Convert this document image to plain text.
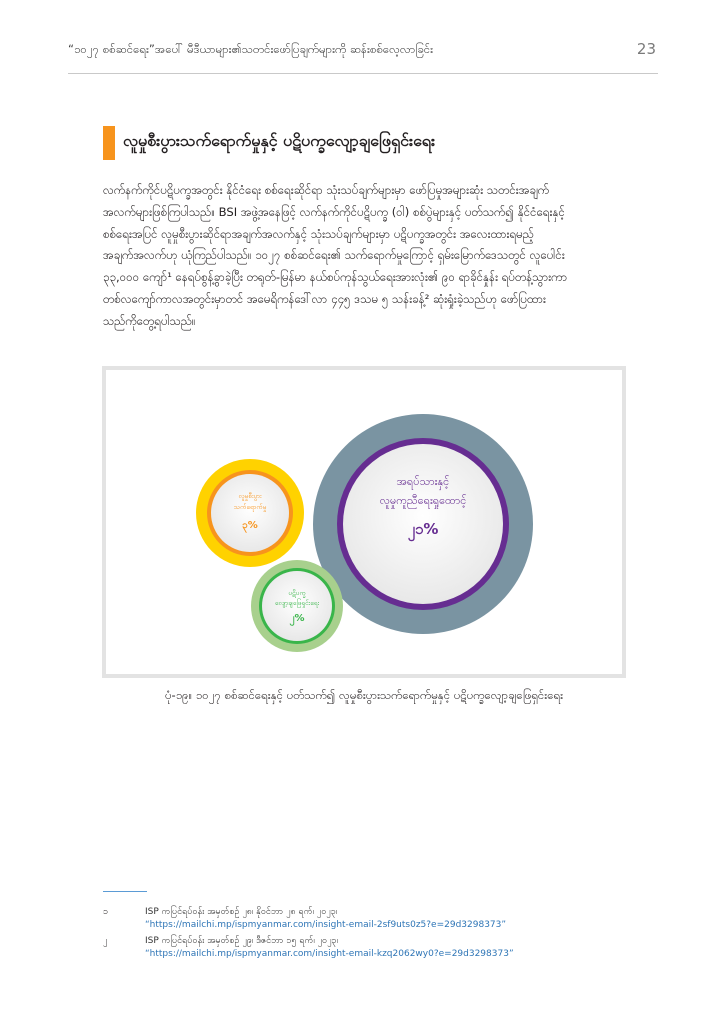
“၁၀၂၇ စစ်ဆင်ရေး”အပေါ် မီဒီယာများ၏သတင်းဖော်ပြချက်များကို ဆန်းစစ်လေ့လာခြင်း	23
လူမှုစီးပွားသက်ရောက်မှုနှင့် ပဋိပက္ခလျော့ချဖြေရှင်းရေး
လက်နက်ကိုင်ပဋိပက္ခအတွင်း နိုင်ငံရေး စစ်ရေးဆိုင်ရာ သုံးသပ်ချက်များမှာ ဖော်ပြမှုအများဆုံး သတင်းအချက်
အလက်များဖြစ်ကြပါသည်။ BSI အဖွဲ့အနေဖြင့် လက်နက်ကိုင်ပဋိပက္ခ (ဝါ) စစ်ပွဲများနှင့် ပတ်သက်၍ နိုင်ငံရေးနှင့်
စစ်ရေးအပြင် လူမှုစီးပွားဆိုင်ရာအချက်အလက်နှင့် သုံးသပ်ချက်များမှာ ပဋိပက္ခအတွင်း အလေးထားရမည့်
အချက်အလက်ဟု ယုံကြည်ပါသည်။ ၁၀၂၇ စစ်ဆင်ရေး၏ သက်ရောက်မှုကြောင့် ရှမ်းမြောက်ဒေသတွင် လူပေါင်း
၃၃,၀၀၀ ကျော်¹ နေရပ်စွန့်ခွာခဲ့ပြီး တရုတ်-မြန်မာ နယ်စပ်ကုန်သွယ်ရေးအားလုံး၏ ၉၀ ရာခိုင်နှုန်း ရပ်တန့်သွားကာ
တစ်လကျော်ကာလအတွင်းမှာတင် အမေရိကန်ဒေါ်လာ ၄၄၅ ဒသမ ၅ သန်းခန့်² ဆုံးရှုံးခဲ့သည်ဟု ဖော်ပြထား
သည်ကိုတွေ့ရပါသည်။
အရပ်သားနှင့်
လူမှုကူညီရေးရှုထောင့်
၂၁%
လူမှုစီးပွား
သက်ရောက်မှု
၃%
ပဋိပက္ခ
လျော့ချဖြေရှင်းရေး
၂%
ပုံ-၁၉။ ၁၀၂၇ စစ်ဆင်ရေးနှင့် ပတ်သက်၍ လူမှုစီးပွားသက်ရောက်မှုနှင့် ပဋိပက္ခလျော့ချဖြေရှင်းရေး
၁	ISP ကပြင်ရပ်ဝန်း အမှတ်စဉ် ၂၈၊ နိုဝင်ဘာ ၂၈ ရက်၊ ၂၀၂၃၊
“https://mailchi.mp/ispmyanmar.com/insight-email-2sf9uts0z5?e=29d3298373”
၂	ISP ကပြင်ရပ်ဝန်း အမှတ်စဉ် ၂၉၊ ဒီဇင်ဘာ ၁၅ ရက်၊ ၂၀၂၃၊
“https://mailchi.mp/ispmyanmar.com/insight-email-kzq2062wy0?e=29d3298373”
